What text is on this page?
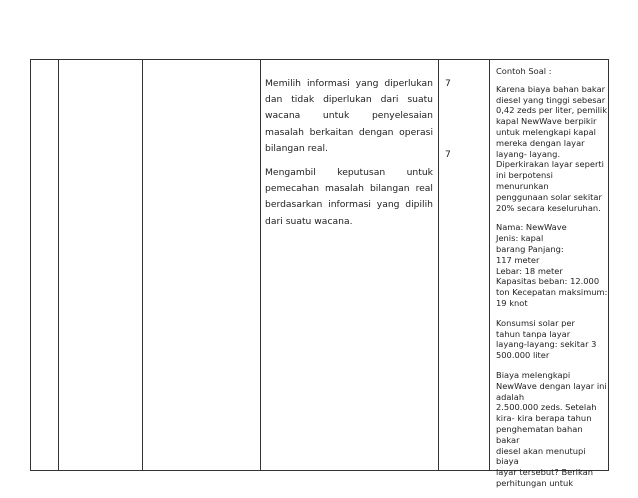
Memilih informasi yang diperlukan dan tidak diperlukan dari suatu wacana untuk penyelesaian masalah berkaitan dengan operasi bilangan real.

Mengambil keputusan untuk pemecahan masalah bilangan real berdasarkan informasi yang dipilih dari suatu wacana.

7
7

Contoh Soal :

Karena biaya bahan bakar
diesel yang tinggi sebesar
0,42 zeds per liter, pemilik
kapal NewWave berpikir
untuk melengkapi kapal
mereka dengan layar
layang- layang.
Diperkirakan layar seperti
ini berpotensi menurunkan
penggunaan solar sekitar
20% secara keseluruhan.

Nama: NewWave
Jenis: kapal
barang Panjang:
117 meter
Lebar: 18 meter
Kapasitas beban: 12.000
ton Kecepatan maksimum:
19 knot

Konsumsi solar per
tahun tanpa layar
layang-layang: sekitar 3
500.000 liter

Biaya melengkapi
NewWave dengan layar ini
adalah
2.500.000 zeds. Setelah
kira- kira berapa tahun
penghematan bahan bakar
diesel akan menutupi biaya
layar tersebut? Berikan
perhitungan untuk
